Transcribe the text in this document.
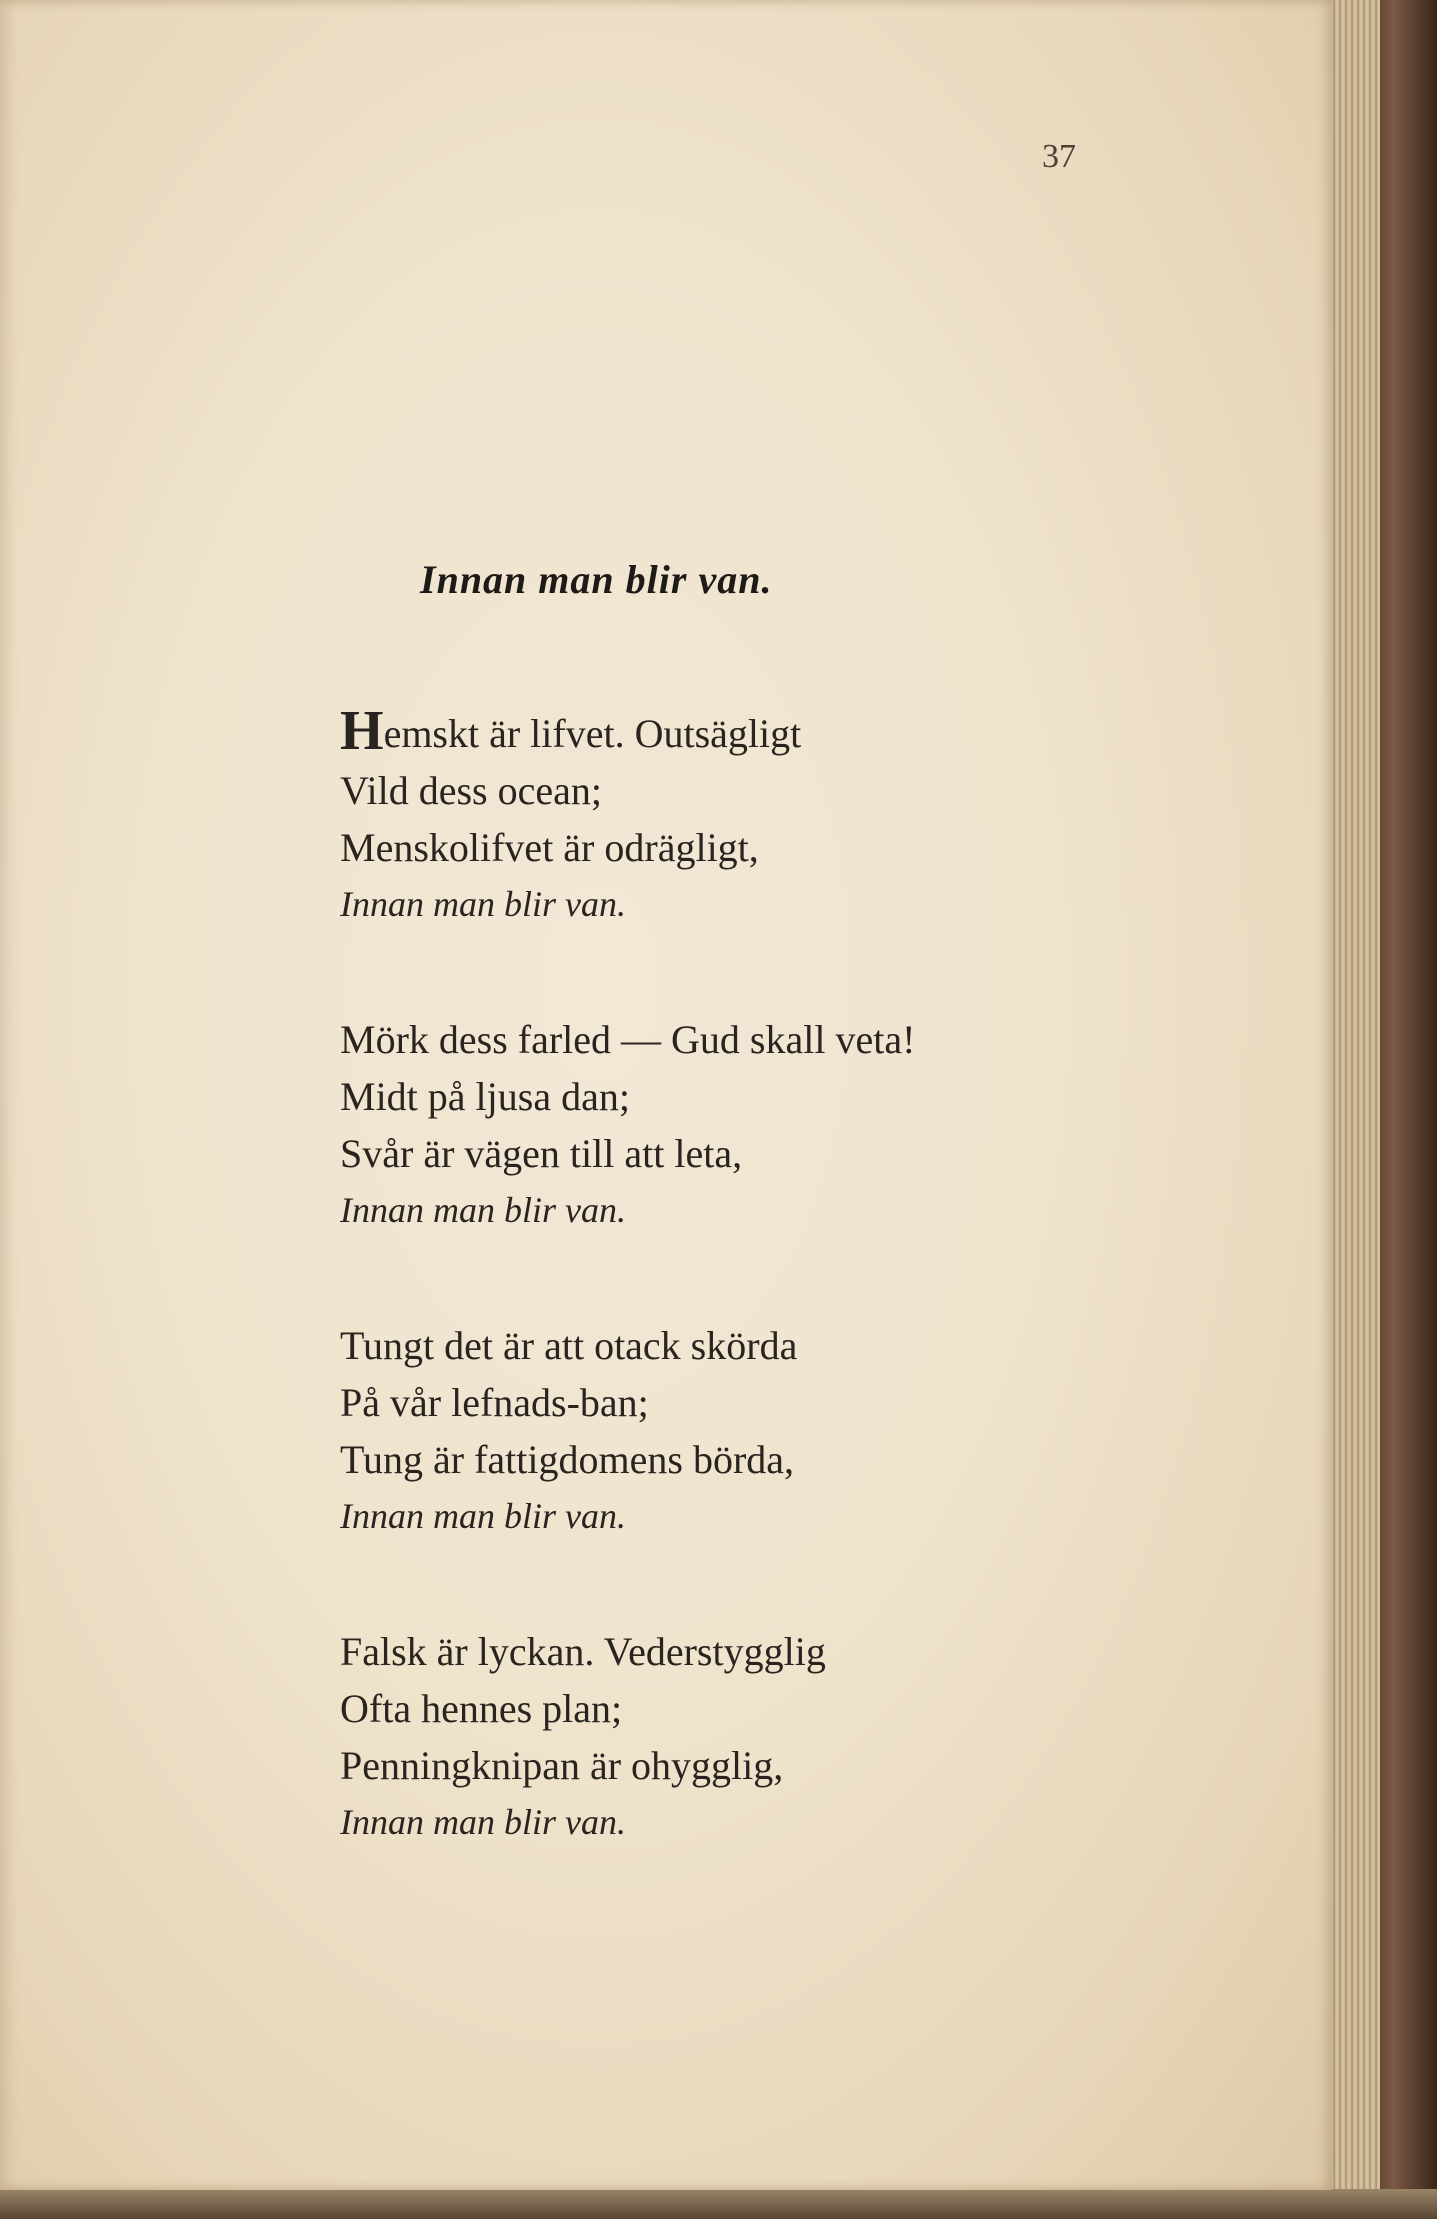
37
Innan man blir van.
Hemskt är lifvet. Outsägligt
Vild dess ocean;
Menskolifvet är odrägligt,
Innan man blir van.
Mörk dess farled — Gud skall veta!
Midt på ljusa dan;
Svår är vägen till att leta,
Innan man blir van.
Tungt det är att otack skörda
På vår lefnads-ban;
Tung är fattigdomens börda,
Innan man blir van.
Falsk är lyckan. Vederstygglig
Ofta hennes plan;
Penningknipan är ohygglig,
Innan man blir van.
